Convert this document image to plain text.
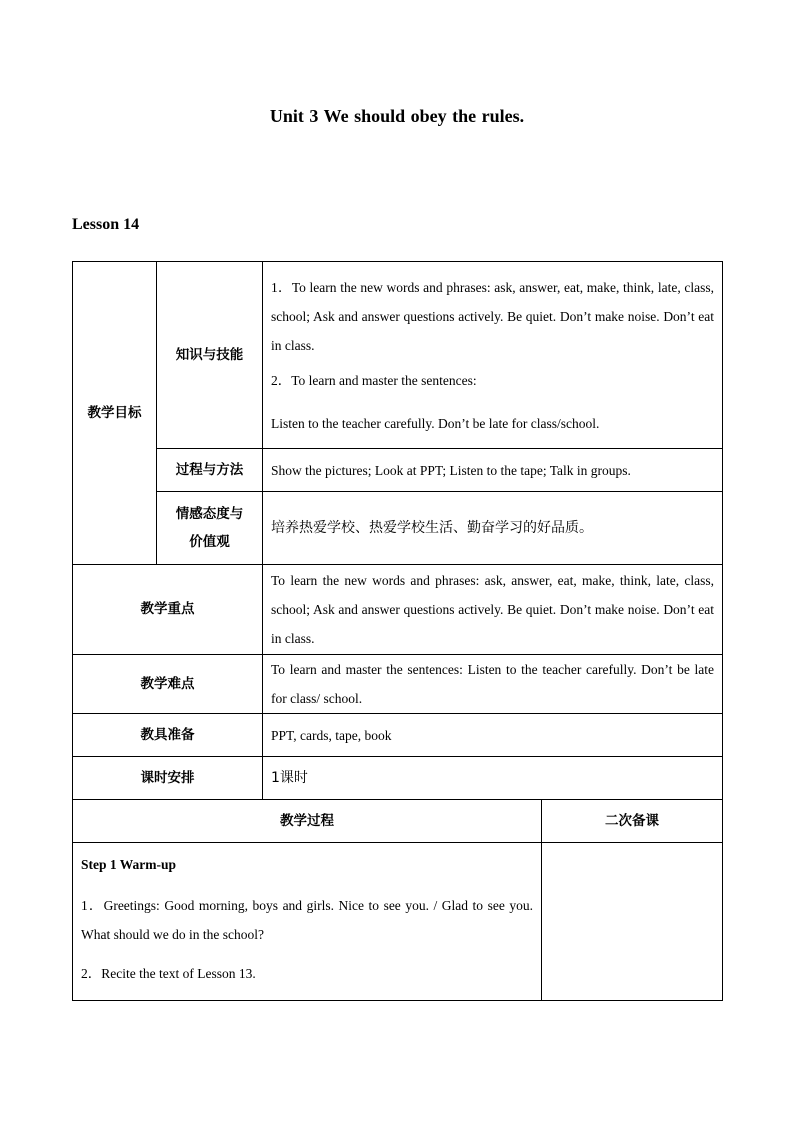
Unit 3 We should obey the rules.
Lesson 14
教学目标	知识与技能	1．To learn the new words and phrases: ask, answer, eat, make, think, late, class, school; Ask and answer questions actively. Be quiet. Don’t make noise. Don’t eat in class.
2．To learn and master the sentences:
Listen to the teacher carefully. Don’t be late for class/school.

	过程与方法	Show the pictures; Look at PPT; Listen to the tape; Talk in groups.

	情感态度与
价值观	培养热爱学校、热爱学校生活、勤奋学习的好品质。
教学重点		To learn the new words and phrases: ask, answer, eat, make, think, late, class, school; Ask and answer questions actively. Be quiet. Don’t make noise. Don’t eat in class.
教学难点		To learn and master the sentences: Listen to the teacher carefully. Don’t be late for class/ school.
教具准备		PPT, cards, tape, book
课时安排		1课时
教学过程	二次备课

Step 1 Warm-up
1．Greetings: Good morning, boys and girls. Nice to see you. / Glad to see you. What should we do in the school?
2．Recite the text of Lesson 13.	
